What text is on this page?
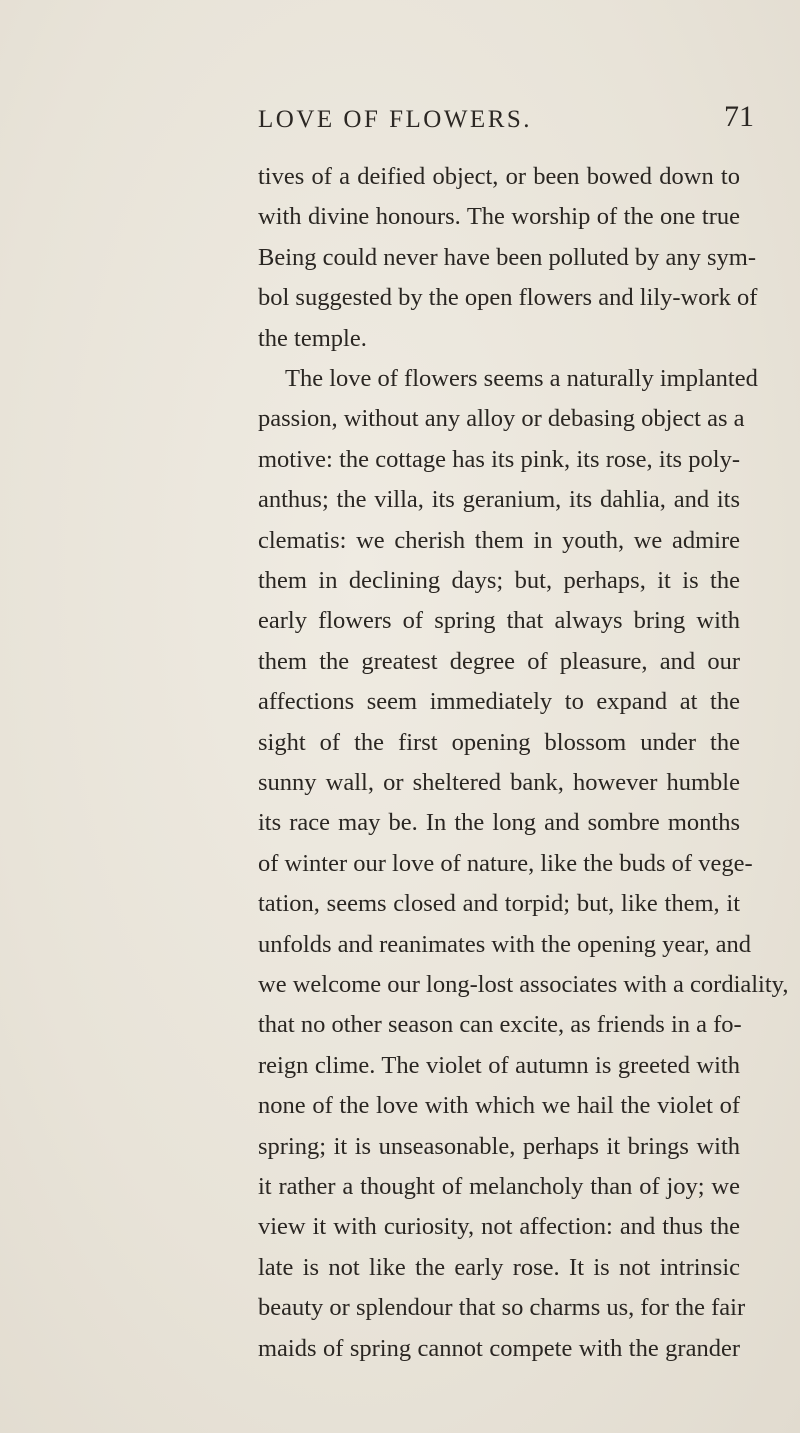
LOVE OF FLOWERS.	71
tives of a deified object, or been bowed down to
with divine honours. The worship of the one true
Being could never have been polluted by any sym-
bol suggested by the open flowers and lily-work of
the temple.
The love of flowers seems a naturally implanted
passion, without any alloy or debasing object as a
motive: the cottage has its pink, its rose, its poly-
anthus; the villa, its geranium, its dahlia, and its
clematis: we cherish them in youth, we admire
them in declining days; but, perhaps, it is the
early flowers of spring that always bring with
them the greatest degree of pleasure, and our
affections seem immediately to expand at the
sight of the first opening blossom under the
sunny wall, or sheltered bank, however humble
its race may be. In the long and sombre months
of winter our love of nature, like the buds of vege-
tation, seems closed and torpid; but, like them, it
unfolds and reanimates with the opening year, and
we welcome our long-lost associates with a cordiality,
that no other season can excite, as friends in a fo-
reign clime. The violet of autumn is greeted with
none of the love with which we hail the violet of
spring; it is unseasonable, perhaps it brings with
it rather a thought of melancholy than of joy; we
view it with curiosity, not affection: and thus the
late is not like the early rose. It is not intrinsic
beauty or splendour that so charms us, for the fair
maids of spring cannot compete with the grander
